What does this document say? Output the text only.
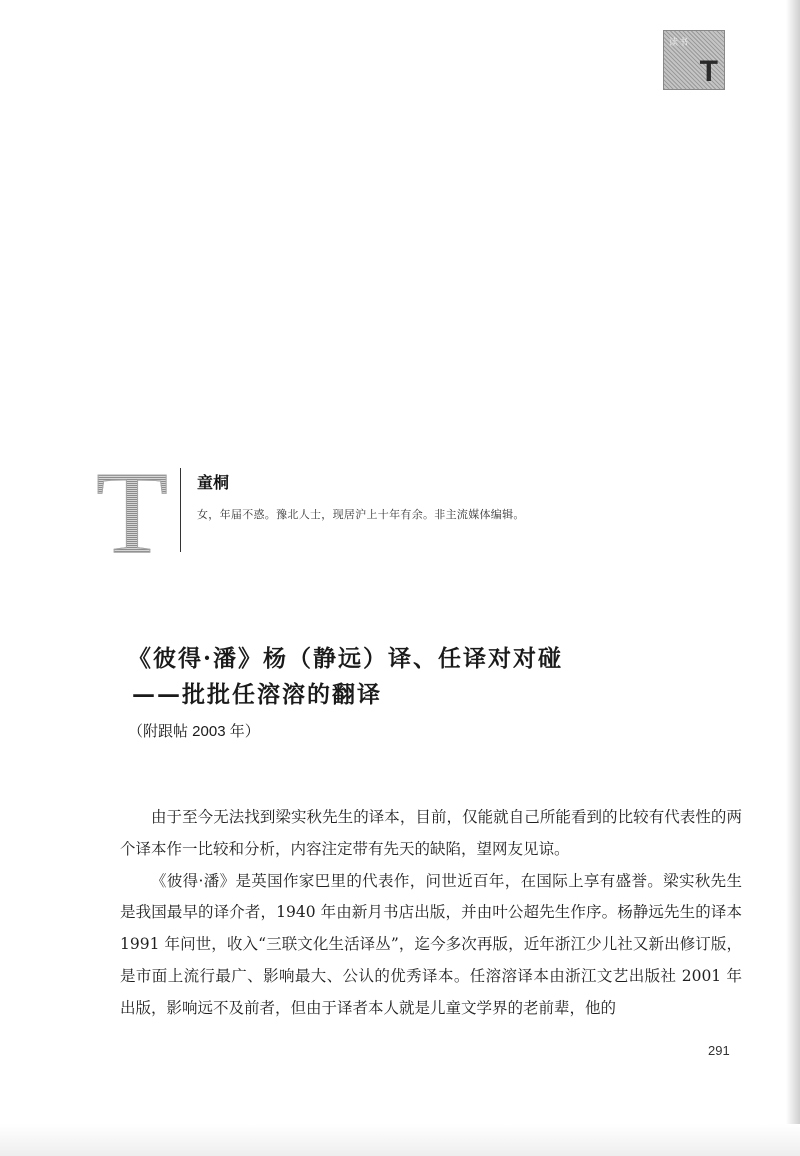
读书
T
T 童桐
女，年届不惑。豫北人士，现居沪上十年有余。非主流媒体编辑。
《彼得·潘》杨（静远）译、任译对对碰
——批批任溶溶的翻译
（附跟帖 2003 年）

由于至今无法找到梁实秋先生的译本，目前，仅能就自己所能看到的比较有代表性的两个译本作一比较和分析，内容注定带有先天的缺陷，望网友见谅。

《彼得·潘》是英国作家巴里的代表作，问世近百年，在国际上享有盛誉。梁实秋先生是我国最早的译介者，1940 年由新月书店出版，并由叶公超先生作序。杨静远先生的译本 1991 年问世，收入“三联文化生活译丛”，迄今多次再版，近年浙江少儿社又新出修订版，是市面上流行最广、影响最大、公认的优秀译本。任溶溶译本由浙江文艺出版社 2001 年出版，影响远不及前者，但由于译者本人就是儿童文学界的老前辈，他的

291
